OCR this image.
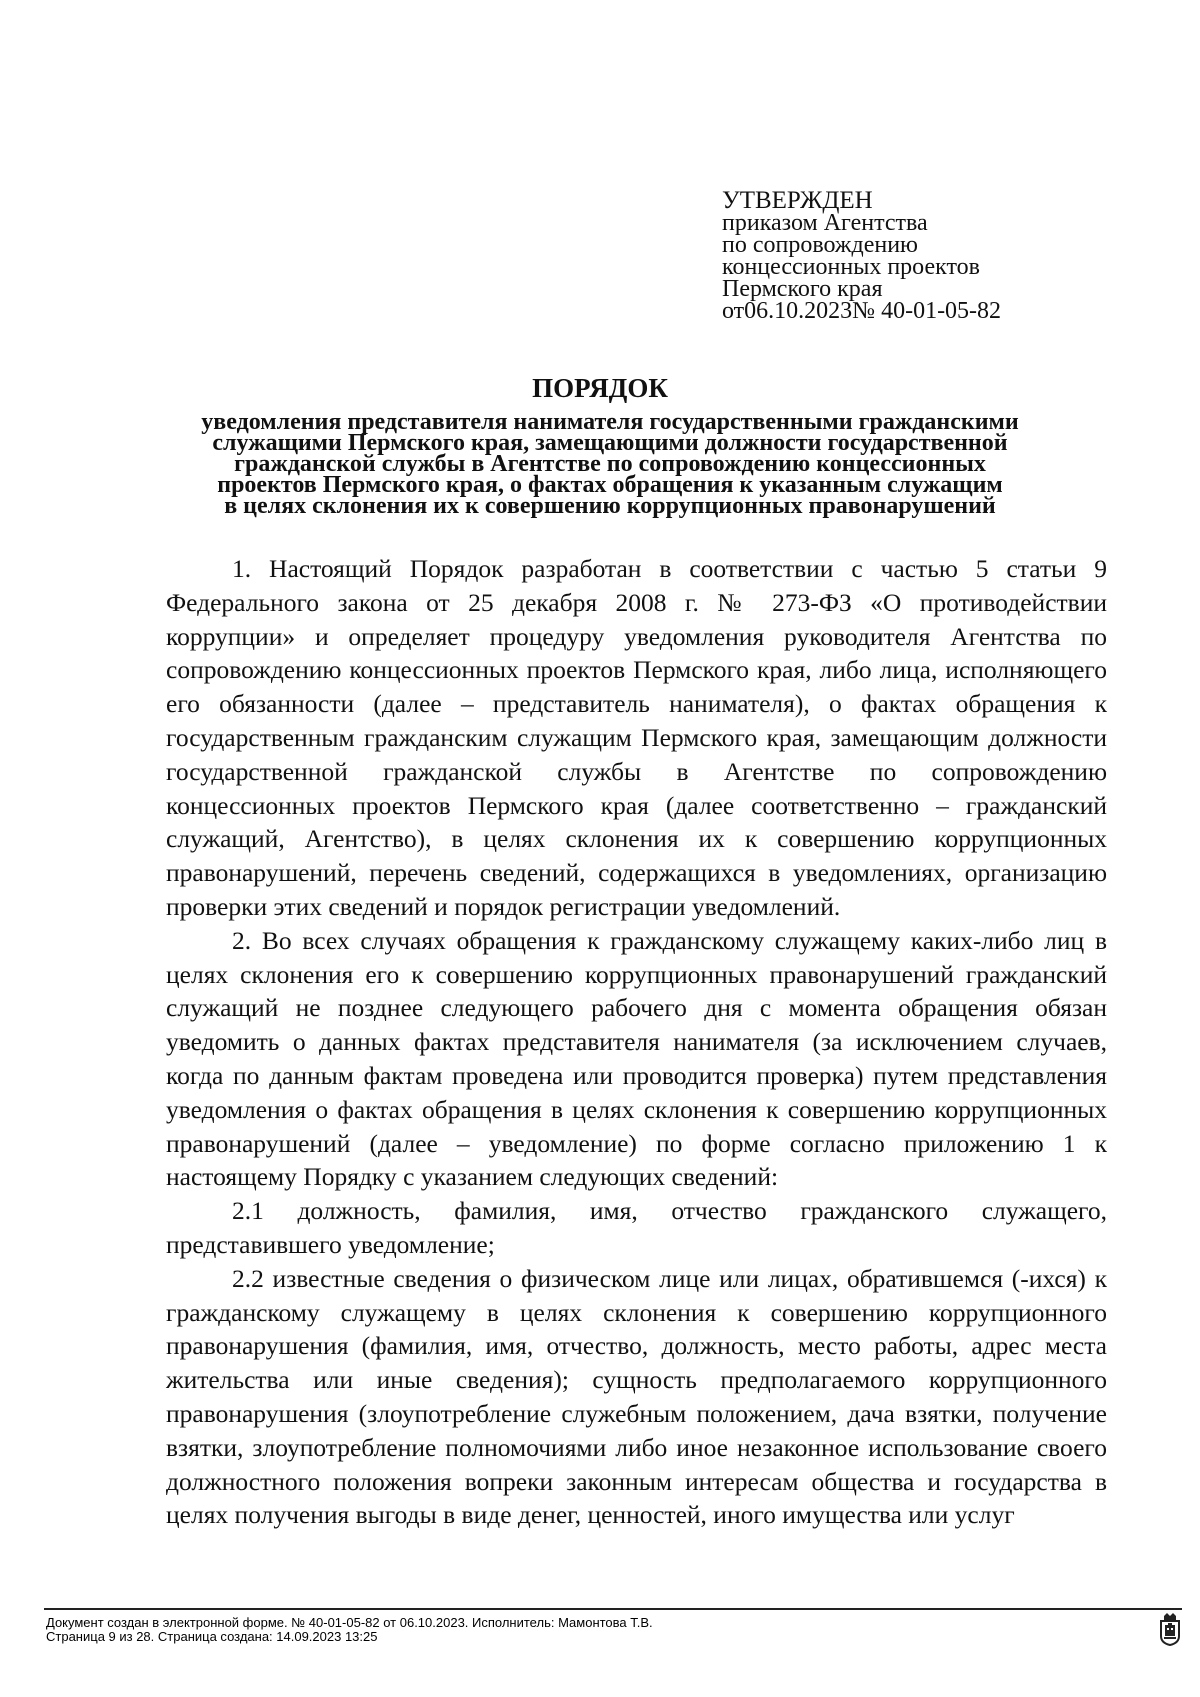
УТВЕРЖДЕН
приказом Агентства
по сопровождению
концессионных проектов
Пермского края
от06.10.2023№ 40-01-05-82
ПОРЯДОК
уведомления представителя нанимателя государственными гражданскими
служащими Пермского края, замещающими должности государственной
гражданской службы в Агентстве по сопровождению концессионных
проектов Пермского края, о фактах обращения к указанным служащим
в целях склонения их к совершению коррупционных правонарушений

1. Настоящий Порядок разработан в соответствии с частью 5 статьи 9 Федерального закона от 25 декабря 2008 г. № 273-ФЗ «О противодействии коррупции» и определяет процедуру уведомления руководителя Агентства по сопровождению концессионных проектов Пермского края, либо лица, исполняющего его обязанности (далее – представитель нанимателя), о фактах обращения к государственным гражданским служащим Пермского края, замещающим должности государственной гражданской службы в Агентстве по сопровождению концессионных проектов Пермского края (далее соответственно – гражданский служащий, Агентство), в целях склонения их к совершению коррупционных правонарушений, перечень сведений, содержащихся в уведомлениях, организацию проверки этих сведений и порядок регистрации уведомлений.

2. Во всех случаях обращения к гражданскому служащему каких-либо лиц в целях склонения его к совершению коррупционных правонарушений гражданский служащий не позднее следующего рабочего дня с момента обращения обязан уведомить о данных фактах представителя нанимателя (за исключением случаев, когда по данным фактам проведена или проводится проверка) путем представления уведомления о фактах обращения в целях склонения к совершению коррупционных правонарушений (далее – уведомление) по форме согласно приложению 1 к настоящему Порядку с указанием следующих сведений:

2.1 должность, фамилия, имя, отчество гражданского служащего, представившего уведомление;

2.2 известные сведения о физическом лице или лицах, обратившемся (-ихся) к гражданскому служащему в целях склонения к совершению коррупционного правонарушения (фамилия, имя, отчество, должность, место работы, адрес места жительства или иные сведения); сущность предполагаемого коррупционного правонарушения (злоупотребление служебным положением, дача взятки, получение взятки, злоупотребление полномочиями либо иное незаконное использование своего должностного положения вопреки законным интересам общества и государства в целях получения выгоды в виде денег, ценностей, иного имущества или услуг

Документ создан в электронной форме. № 40-01-05-82 от 06.10.2023. Исполнитель: Мамонтова Т.В.
Страница 9 из 28. Страница создана: 14.09.2023 13:25
